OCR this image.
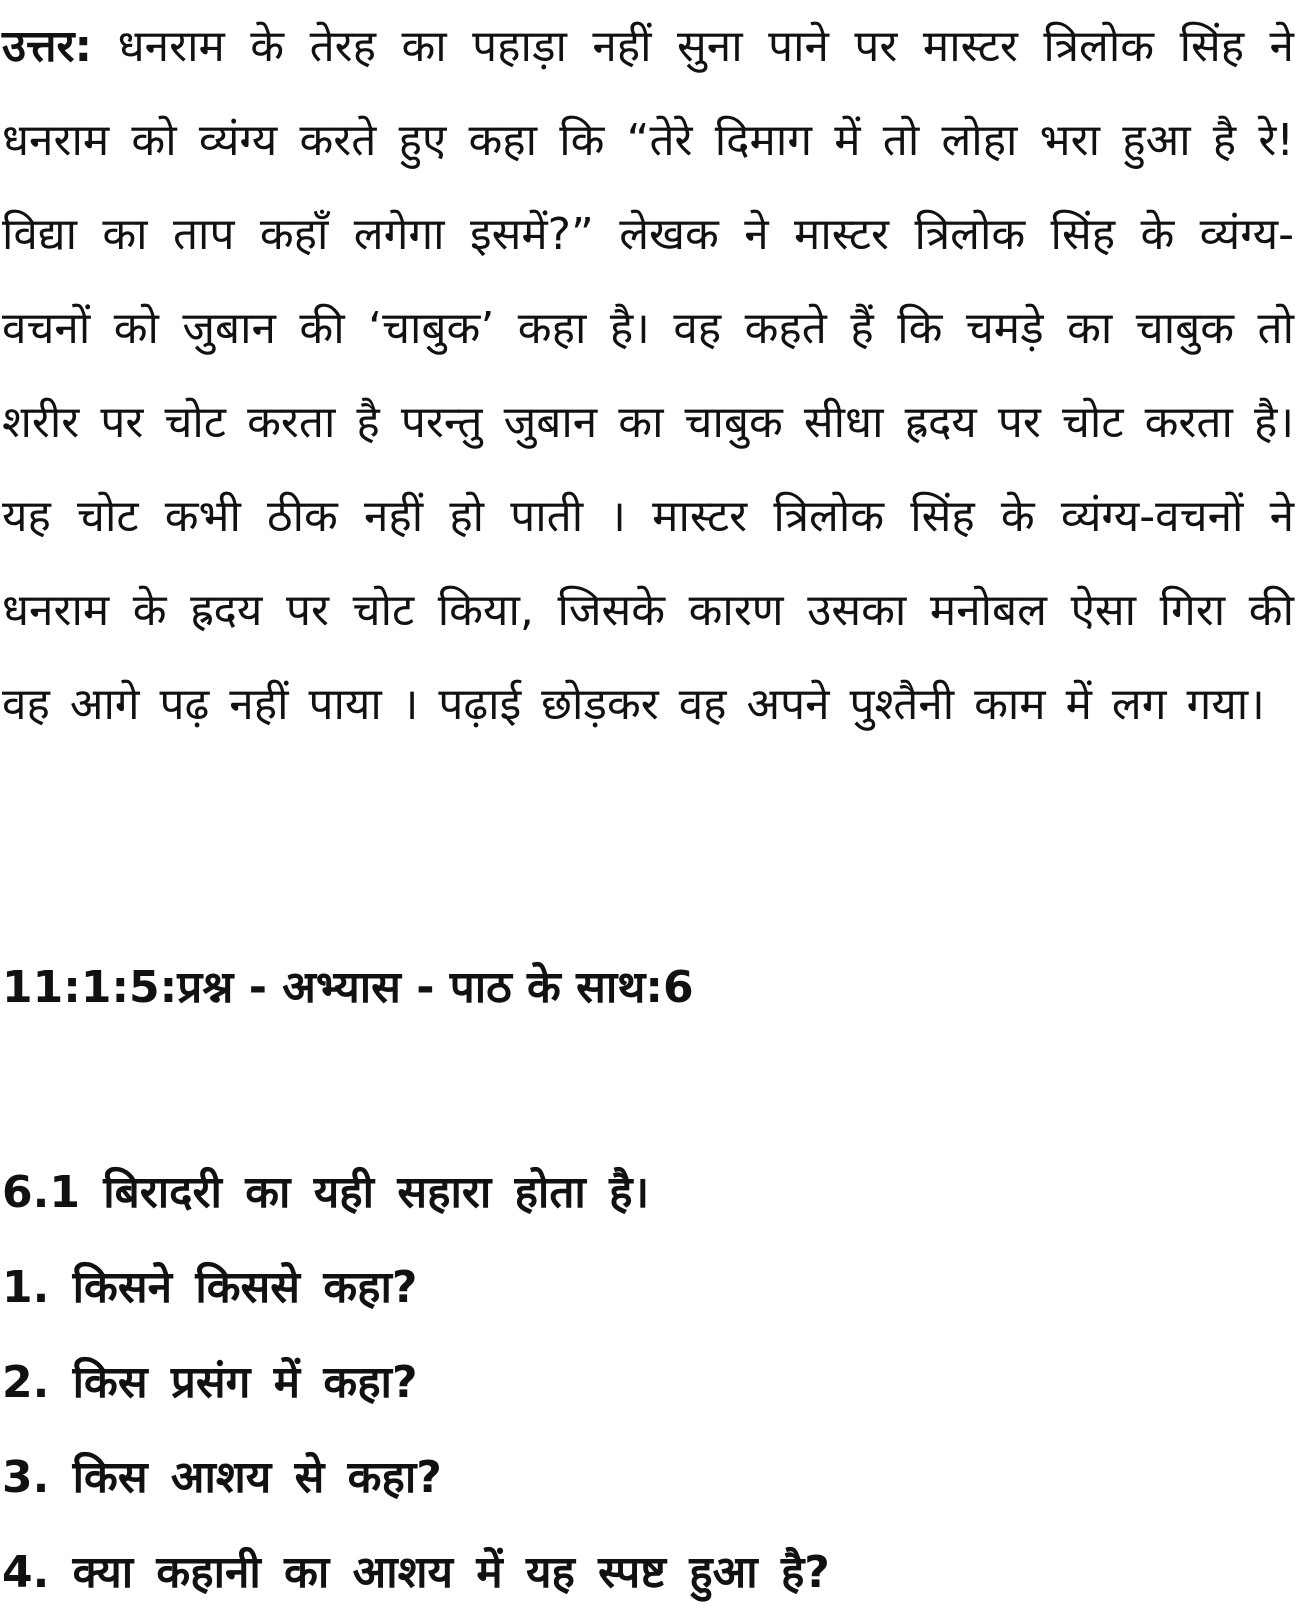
उत्तर: धनराम के तेरह का पहाड़ा नहीं सुना पाने पर मास्टर त्रिलोक सिंह ने धनराम को व्यंग्य करते हुए कहा कि “तेरे दिमाग में तो लोहा भरा हुआ है रे! विद्या का ताप कहाँ लगेगा इसमें?” लेखक ने मास्टर त्रिलोक सिंह के व्यंग्य-वचनों को जुबान की ‘चाबुक’ कहा है। वह कहते हैं कि चमड़े का चाबुक तो शरीर पर चोट करता है परन्तु जुबान का चाबुक सीधा ह्रदय पर चोट करता है। यह चोट कभी ठीक नहीं हो पाती । मास्टर त्रिलोक सिंह के व्यंग्य-वचनों ने धनराम के ह्रदय पर चोट किया, जिसके कारण उसका मनोबल ऐसा गिरा की वह आगे पढ़ नहीं पाया । पढ़ाई छोड़कर वह अपने पुश्तैनी काम में लग गया।

11:1:5:प्रश्न - अभ्यास - पाठ के साथ:6
6.1 बिरादरी का यही सहारा होता है।
1. किसने किससे कहा?
2. किस प्रसंग में कहा?
3. किस आशय से कहा?
4. क्या कहानी का आशय में यह स्पष्ट हुआ है?
